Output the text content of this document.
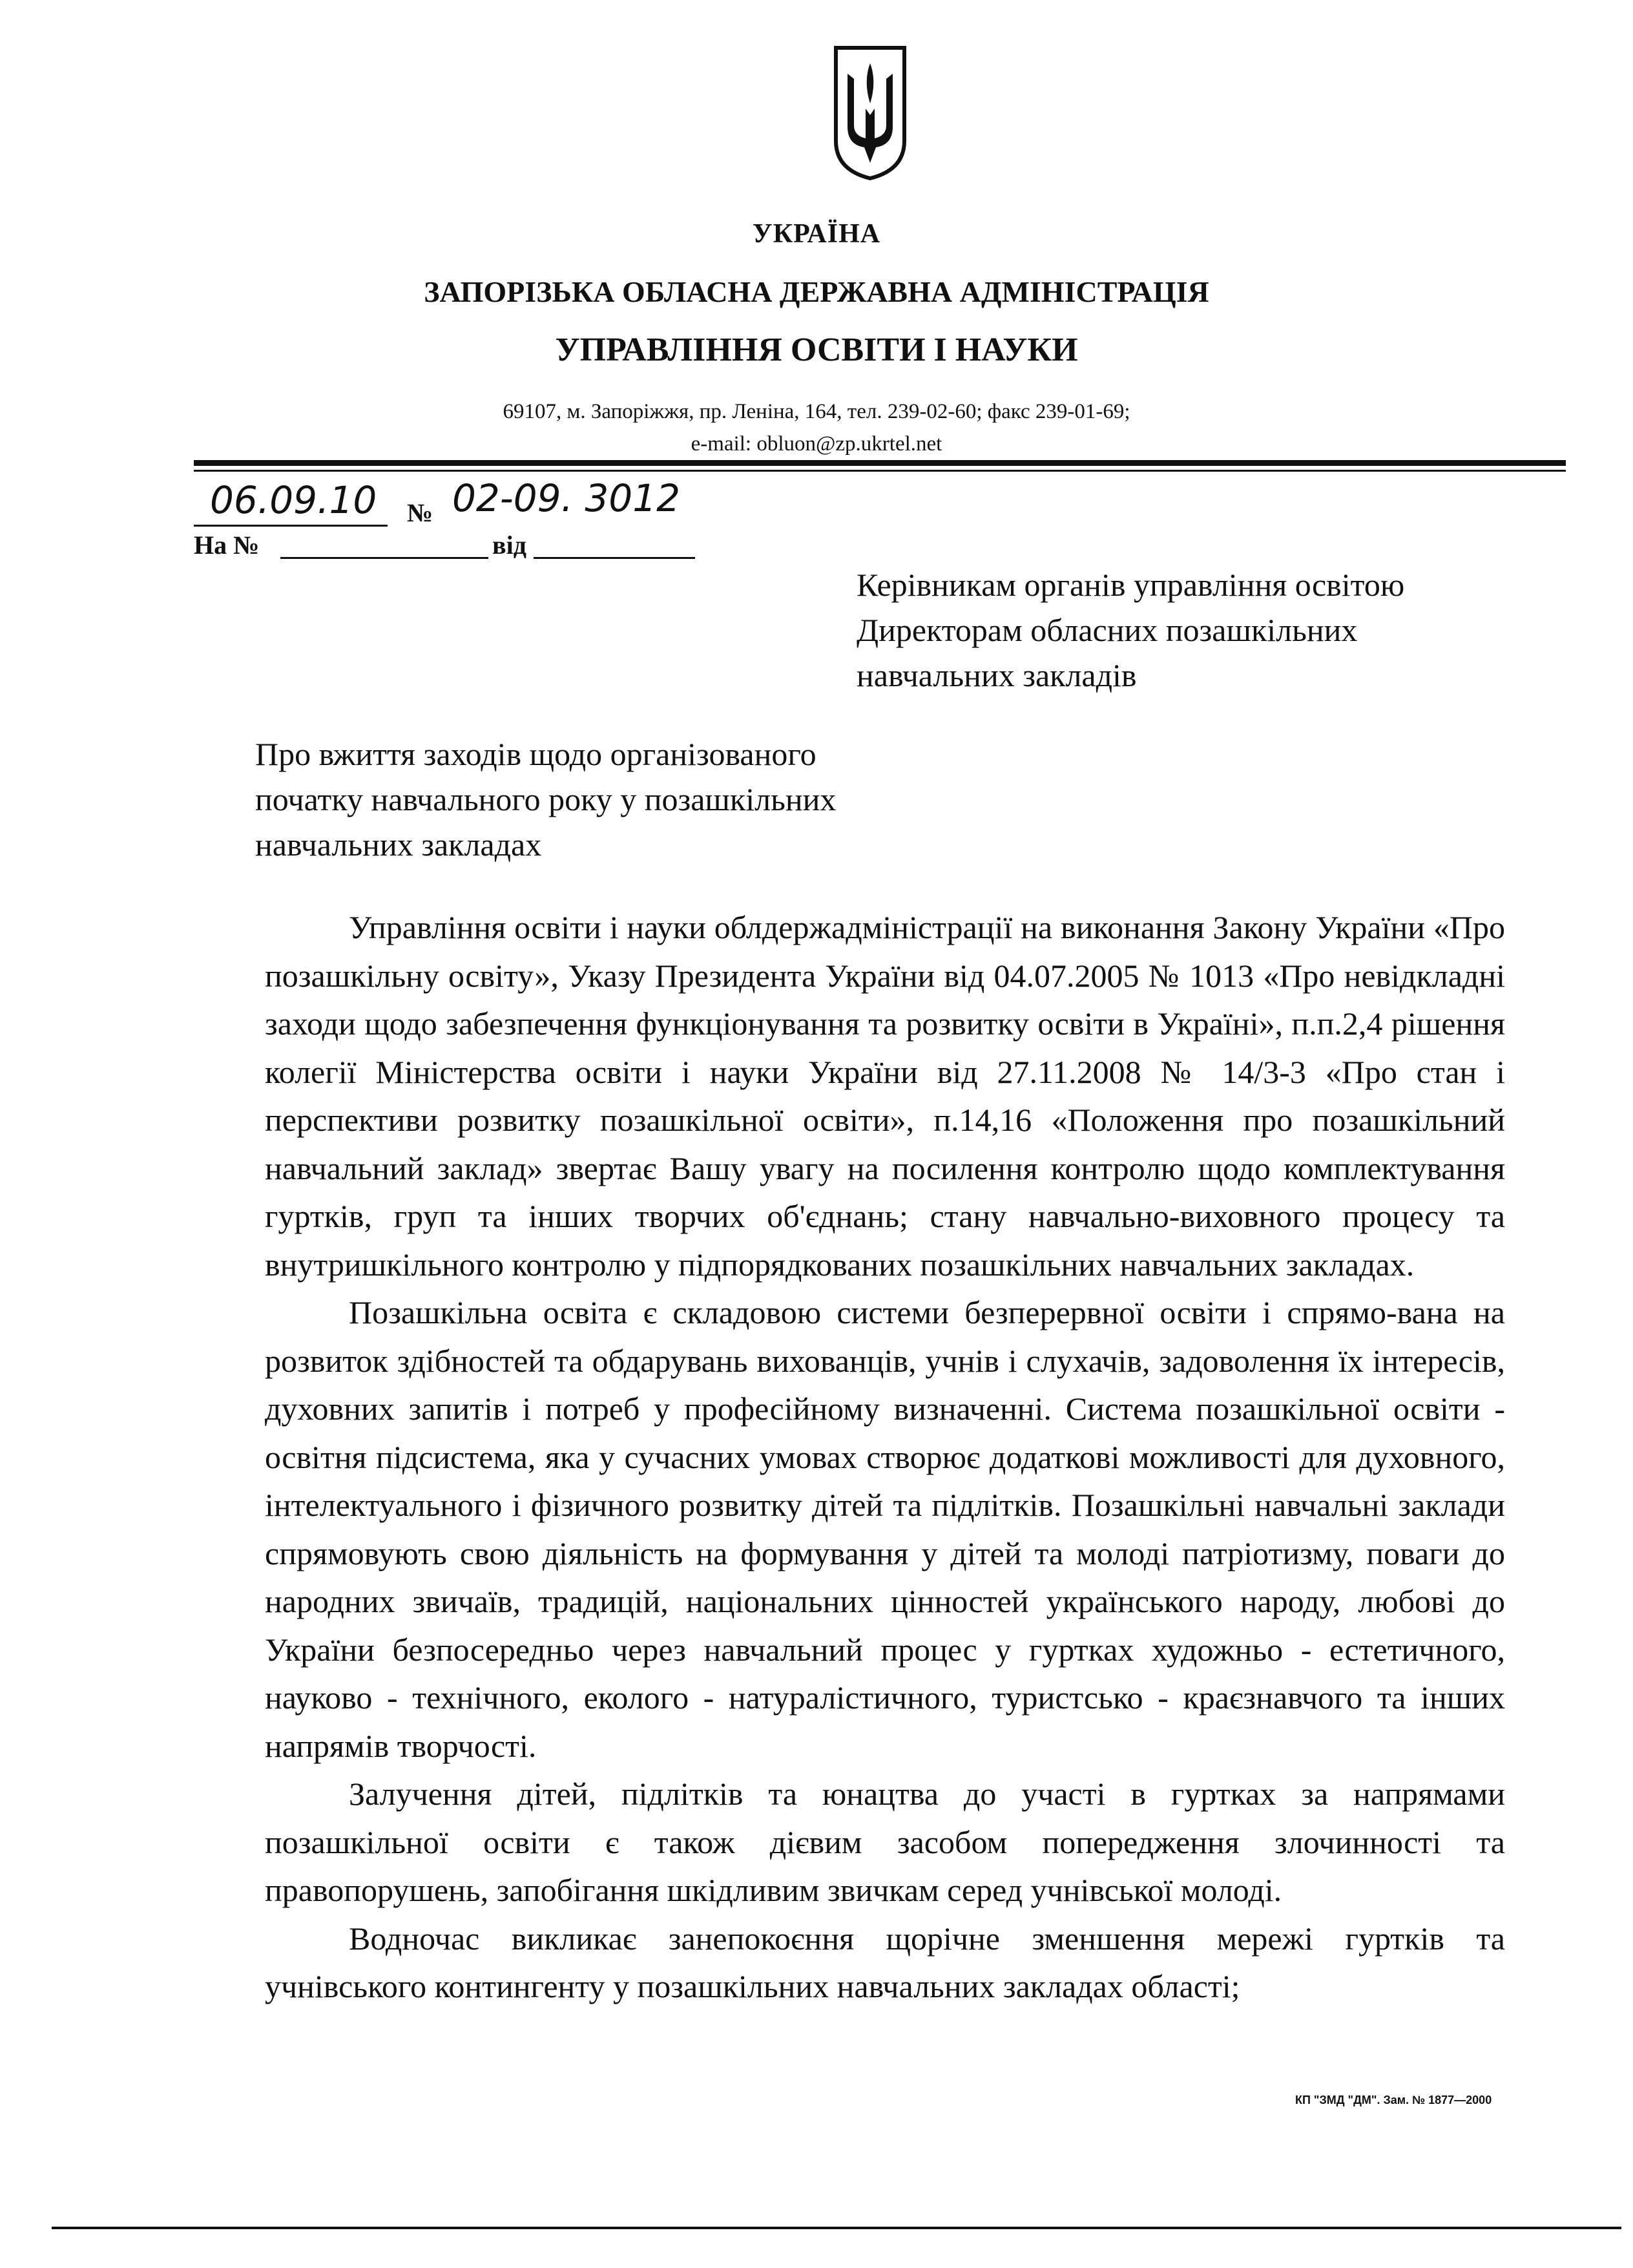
УКРАЇНА
ЗАПОРІЗЬКА ОБЛАСНА ДЕРЖАВНА АДМІНІСТРАЦІЯ
УПРАВЛІННЯ ОСВІТИ І НАУКИ
69107, м. Запоріжжя, пр. Леніна, 164, тел. 239-02-60; факс 239-01-69;
e-mail: obluon@zp.ukrtel.net
06.09.10 № 02-09. 3012
На №	від
Керівникам органів управління освітою
Директорам обласних позашкільних
навчальних закладів
Про вжиття заходів щодо організованого
початку навчального року у позашкільних
навчальних закладах

Управління освіти і науки облдержадміністрації на виконання Закону України «Про позашкільну освіту», Указу Президента України від 04.07.2005 № 1013 «Про невідкладні заходи щодо забезпечення функціонування та розвитку освіти в Україні», п.п.2,4 рішення колегії Міністерства освіти і науки України від 27.11.2008 № 14/3-3 «Про стан і перспективи розвитку позашкільної освіти», п.14,16 «Положення про позашкільний навчальний заклад» звертає Вашу увагу на посилення контролю щодо комплектування гуртків, груп та інших творчих об'єднань; стану навчально-виховного процесу та внутришкільного контролю у підпорядкованих позашкільних навчальних закладах.

Позашкільна освіта є складовою системи безперервної освіти і спрямо-вана на розвиток здібностей та обдарувань вихованців, учнів і слухачів, задоволення їх інтересів, духовних запитів і потреб у професійному визначенні. Система позашкільної освіти - освітня підсистема, яка у сучасних умовах створює додаткові можливості для духовного, інтелектуального і фізичного розвитку дітей та підлітків. Позашкільні навчальні заклади спрямовують свою діяльність на формування у дітей та молоді патріотизму, поваги до народних звичаїв, традицій, національних цінностей українського народу, любові до України безпосередньо через навчальний процес у гуртках художньо - естетичного, науково - технічного, еколого - натуралістичного, туристсько - краєзнавчого та інших напрямів творчості.

Залучення дітей, підлітків та юнацтва до участі в гуртках за напрямами позашкільної освіти є також дієвим засобом попередження злочинності та правопорушень, запобігання шкідливим звичкам серед учнівської молоді.

Водночас викликає занепокоєння щорічне зменшення мережі гуртків та учнівського контингенту у позашкільних навчальних закладах області;

КП "ЗМД "ДМ". Зам. № 1877—2000
